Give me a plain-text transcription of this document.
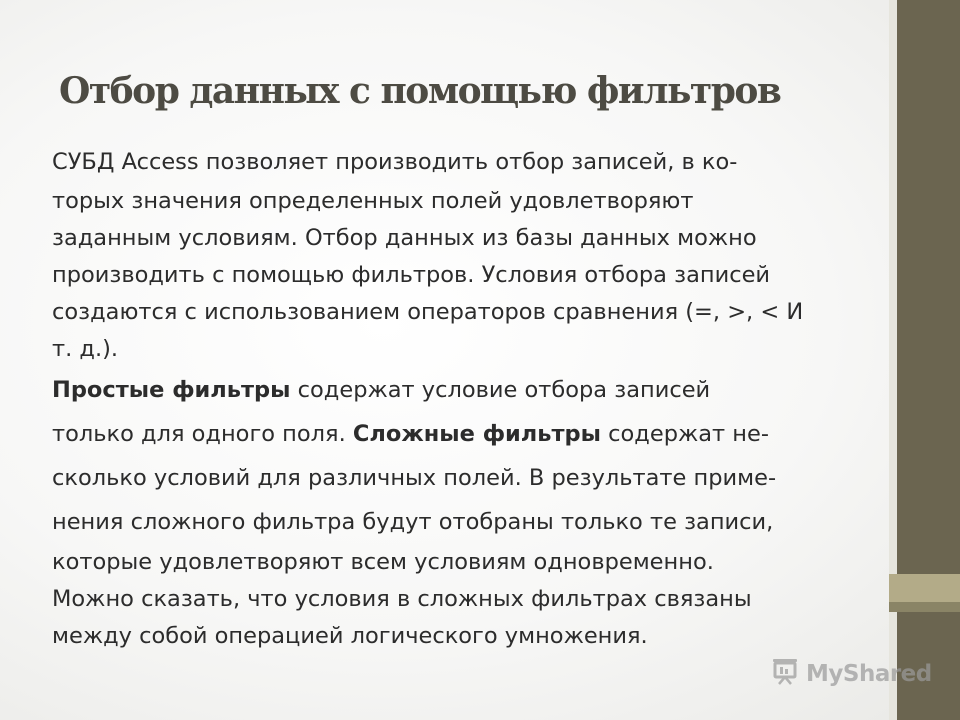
Отбор данных с помощью фильтров
СУБД Access позволяет производить отбор записей, в ко-
торых значения определенных полей удовлетворяют
заданным условиям. Отбор данных из базы данных можно
производить с помощью фильтров. Условия отбора записей
создаются с использованием операторов сравнения (=, >, < И
т. д.).
Простые фильтры содержат условие отбора записей
только для одного поля. Сложные фильтры содержат не-
сколько условий для различных полей. В результате приме-
нения сложного фильтра будут отобраны только те записи,
которые удовлетворяют всем условиям одновременно.
Можно сказать, что условия в сложных фильтрах связаны
между собой операцией логического умножения.
MyShared
